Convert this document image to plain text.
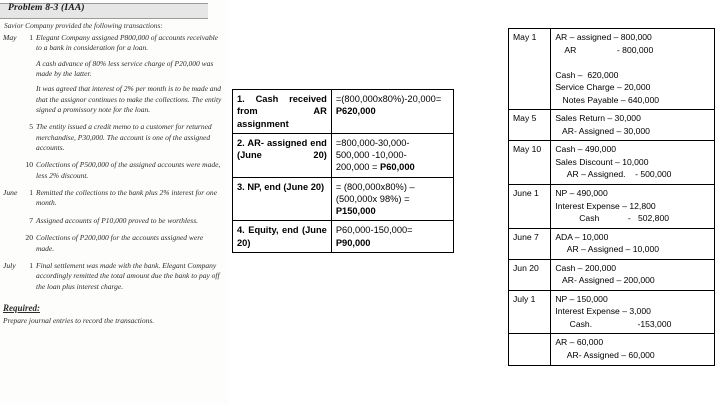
Problem 8-3 (IAA)
Savior Company provided the following transactions:
May	1 Elegant Company assigned P800,000 of accounts receivable to a bank in consideration for a loan.
A cash advance of 80% less service charge of P20,000 was made by the latter.
It was agreed that interest of 2% per month is to be made and that the assignor continues to make the collections. The entity signed a promissory note for the loan.
5 The entity issued a credit memo to a customer for returned merchandise, P30,000. The account is one of the assigned accounts.
10 Collections of P500,000 of the assigned accounts were made, less 2% discount.
June	1 Remitted the collections to the bank plus 2% interest for one month.
7 Assigned accounts of P10,000 proved to be worthless.
20 Collections of P200,000 for the accounts assigned were made.
July	1 Final settlement was made with the bank. Elegant Company accordingly remitted the total amount due the bank to pay off the loan plus interest charge.
Required:
Prepare journal entries to record the transactions.
1. Cash received from AR assignment	=(800,000x80%)-20,000= P620,000
2. AR- assigned end (June 20)	=800,000-30,000-
500,000 -10,000-
200,000 = P60,000

3. NP, end (June 20)	= (800,000x80%) –
(500,000x 98%) =
P150,000

4. Equity, end (June 20)	P60,000-150,000= P90,000
May 1	AR – assigned – 800,000
AR                 - 800,000

Cash –  620,000
Service Charge – 20,000
Notes Payable – 640,000

May 5	Sales Return – 30,000
AR- Assigned – 30,000

May 10	Cash – 490,000
Sales Discount – 10,000
AR – Assigned.    - 500,000

June 1	NP – 490,000
Interest Expense – 12,800
Cash            -   502,800

June 7	ADA – 10,000
AR – Assigned – 10,000

Jun 20	Cash – 200,000
AR- Assigned – 200,000

July 1	NP – 150,000
Interest Expense – 3,000
Cash.                   -153,000

	AR – 60,000
AR- Assigned – 60,000
